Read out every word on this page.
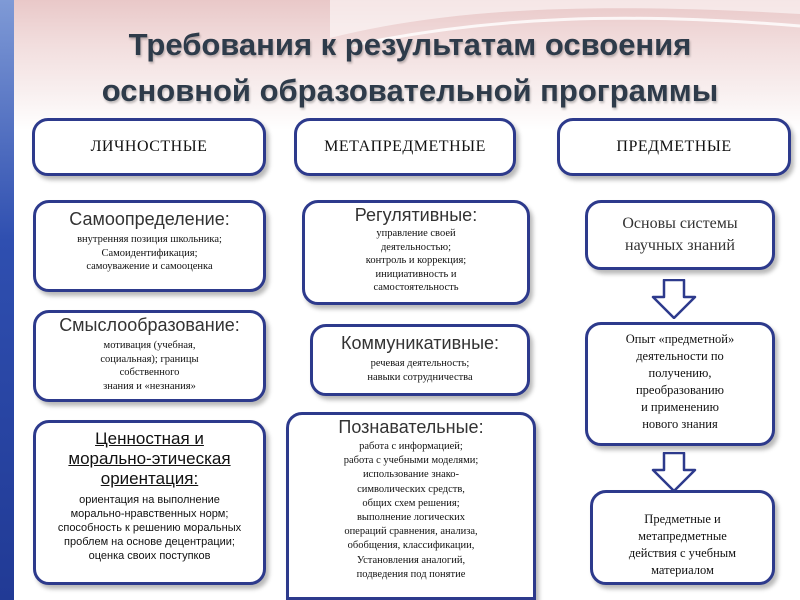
Требования к результатам освоения
основной образовательной программы
ЛИЧНОСТНЫЕ	МЕТАПРЕДМЕТНЫЕ	ПРЕДМЕТНЫЕ
Самоопределение:
внутренняя позиция школьника;
Самоидентификация;
самоуважение и самооценка
Смыслообразование:
мотивация (учебная,
социальная); границы
собственного
знания и «незнания»
Ценностная и
морально-этическая
ориентация:
ориентация на выполнение
морально-нравственных норм;
способность к решению моральных
проблем на основе децентрации;
оценка своих поступков
Регулятивные:
управление своей
деятельностью;
контроль и коррекция;
инициативность и
самостоятельность
Коммуникативные:
речевая деятельность;
навыки сотрудничества
Познавательные:
работа с информацией;
работа с учебными моделями;
использование знако-
символических средств,
общих схем решения;
выполнение логических
операций сравнения, анализа,
обобщения, классификации,
Установления аналогий,
подведения под понятие
Основы системы
научных знаний
Опыт «предметной»
деятельности по
получению,
преобразованию
и применению
нового знания
Предметные и
метапредметные
действия с учебным
материалом
